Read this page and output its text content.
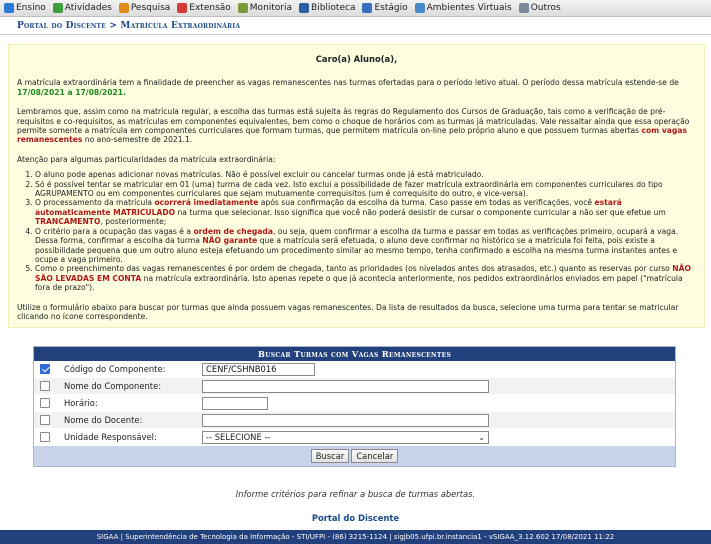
Ensino Atividades Pesquisa Extensão Monitoria Biblioteca Estágio Ambientes Virtuais Outros
Portal do Discente > Matrícula Extraordinária
Caro(a) Aluno(a),

A matrícula extraordinária tem a finalidade de preencher as vagas remanescentes nas turmas ofertadas para o período letivo atual. O período dessa matrícula estende-se de 17/08/2021 a 17/08/2021.

Lembramos que, assim como na matrícula regular, a escolha das turmas está sujeita às regras do Regulamento dos Cursos de Graduação, tais como a verificação de pré-requisitos e co-requisitos, as matrículas em componentes equivalentes, bem como o choque de horários com as turmas já matriculadas. Vale ressaltar ainda que essa operação permite somente a matrícula em componentes curriculares que formam turmas, que permitem matrícula on-line pelo próprio aluno e que possuem turmas abertas com vagas remanescentes no ano-semestre de 2021.1.

Atenção para algumas particularidades da matrícula extraordinária:

1. O aluno pode apenas adicionar novas matrículas. Não é possível excluir ou cancelar turmas onde já está matriculado.
2. Só é possível tentar se matricular em 01 (uma) turma de cada vez. Isto exclui a possibilidade de fazer matrícula extraordinária em componentes curriculares do tipo AGRUPAMENTO ou em componentes curriculares que sejam mutuamente correquisitos (um é correquisito do outro, e vice-versa).
3. O processamento da matrícula ocorrerá imediatamente após sua confirmação da escolha da turma. Caso passe em todas as verificações, você estará automaticamente MATRICULADO na turma que selecionar. Isso significa que você não poderá desistir de cursar o componente curricular a não ser que efetue um TRANCAMENTO, posteriormente;
4. O critério para a ocupação das vagas é a ordem de chegada, ou seja, quem confirmar a escolha da turma e passar em todas as verificações primeiro, ocupará a vaga. Dessa forma, confirmar a escolha da turma NÃO garante que a matrícula será efetuada, o aluno deve confirmar no histórico se a matrícula foi feita, pois existe a possibilidade pequena que um outro aluno esteja efetuando um procedimento similar ao mesmo tempo, tenha confirmado a escolha na mesma turma instantes antes e ocupe a vaga primeiro.
5. Como o preenchimento das vagas remanescentes é por ordem de chegada, tanto as prioridades (os nivelados antes dos atrasados, etc.) quanto as reservas por curso NÃO SÃO LEVADAS EM CONTA na matrícula extraordinária. Isto apenas repete o que já acontecia anteriormente, nos pedidos extraordinários enviados em papel ("matrícula fora de prazo").

Utilize o formulário abaixo para buscar por turmas que ainda possuem vagas remanescentes. Da lista de resultados da busca, selecione uma turma para tentar se matricular clicando no ícone correspondente.

Buscar Turmas com Vagas Remanescentes
Código do Componente:	CENF/CSHNB016
Nome do Componente:
Horário:
Nome do Docente:
Unidade Responsável:	-- SELECIONE --	⌄
Buscar	Cancelar
Informe critérios para refinar a busca de turmas abertas.
Portal do Discente
SIGAA | Superintendência de Tecnologia da Informação - STI/UFPI - (86) 3215-1124 | sigjb05.ufpi.br.instancia1 - vSIGAA_3.12.602 17/08/2021 11:22
